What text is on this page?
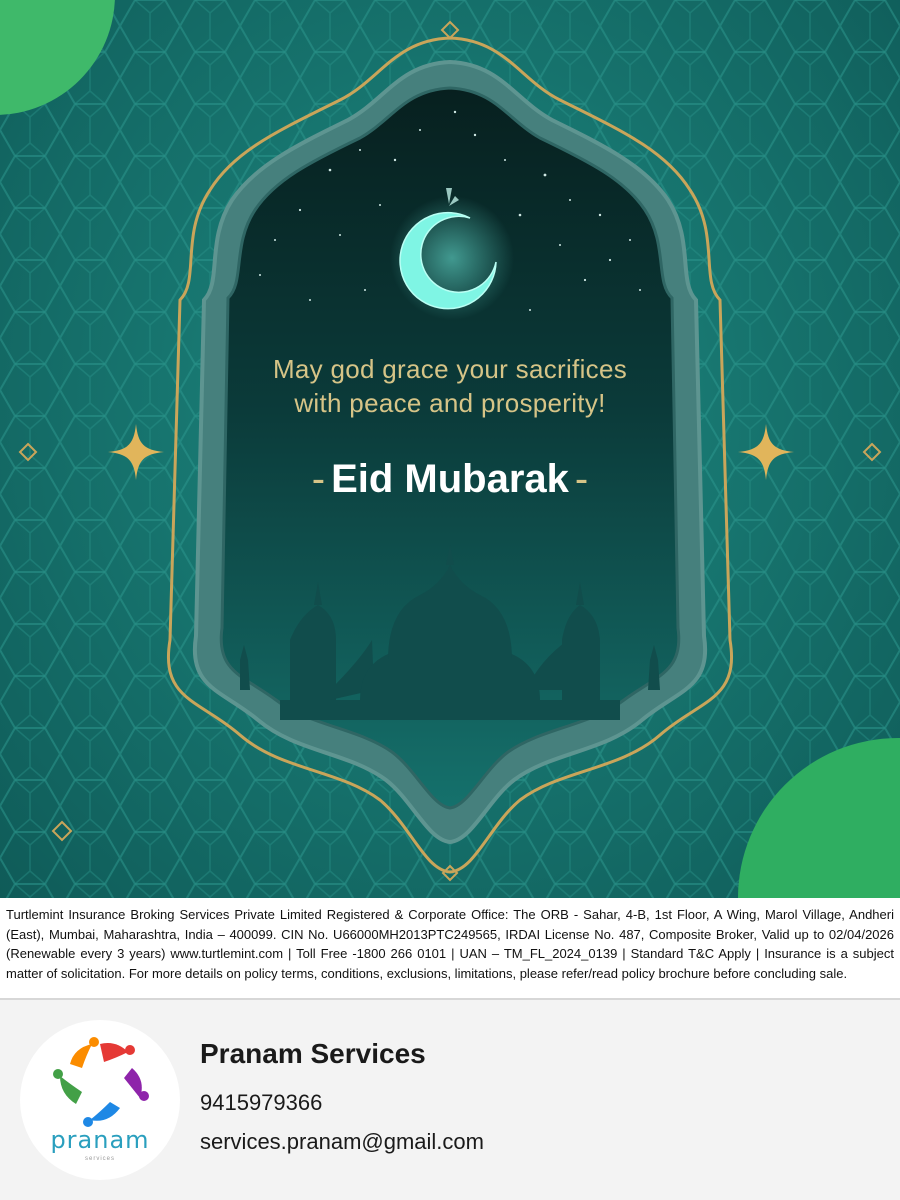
May god grace your sacrifices
with peace and prosperity!
- Eid Mubarak -
Turtlemint Insurance Broking Services Private Limited Registered & Corporate Office: The ORB - Sahar, 4-B, 1st Floor, A Wing, Marol Village, Andheri (East), Mumbai, Maharashtra, India – 400099. CIN No. U66000MH2013PTC249565, IRDAI License No. 487, Composite Broker, Valid up to 02/04/2026 (Renewable every 3 years) www.turtlemint.com | Toll Free -1800 266 0101 | UAN – TM_FL_2024_0139 | Standard T&C Apply | Insurance is a subject matter of solicitation. For more details on policy terms, conditions, exclusions, limitations, please refer/read policy brochure before concluding sale.
pranam
services
Pranam Services
9415979366
services.pranam@gmail.com
